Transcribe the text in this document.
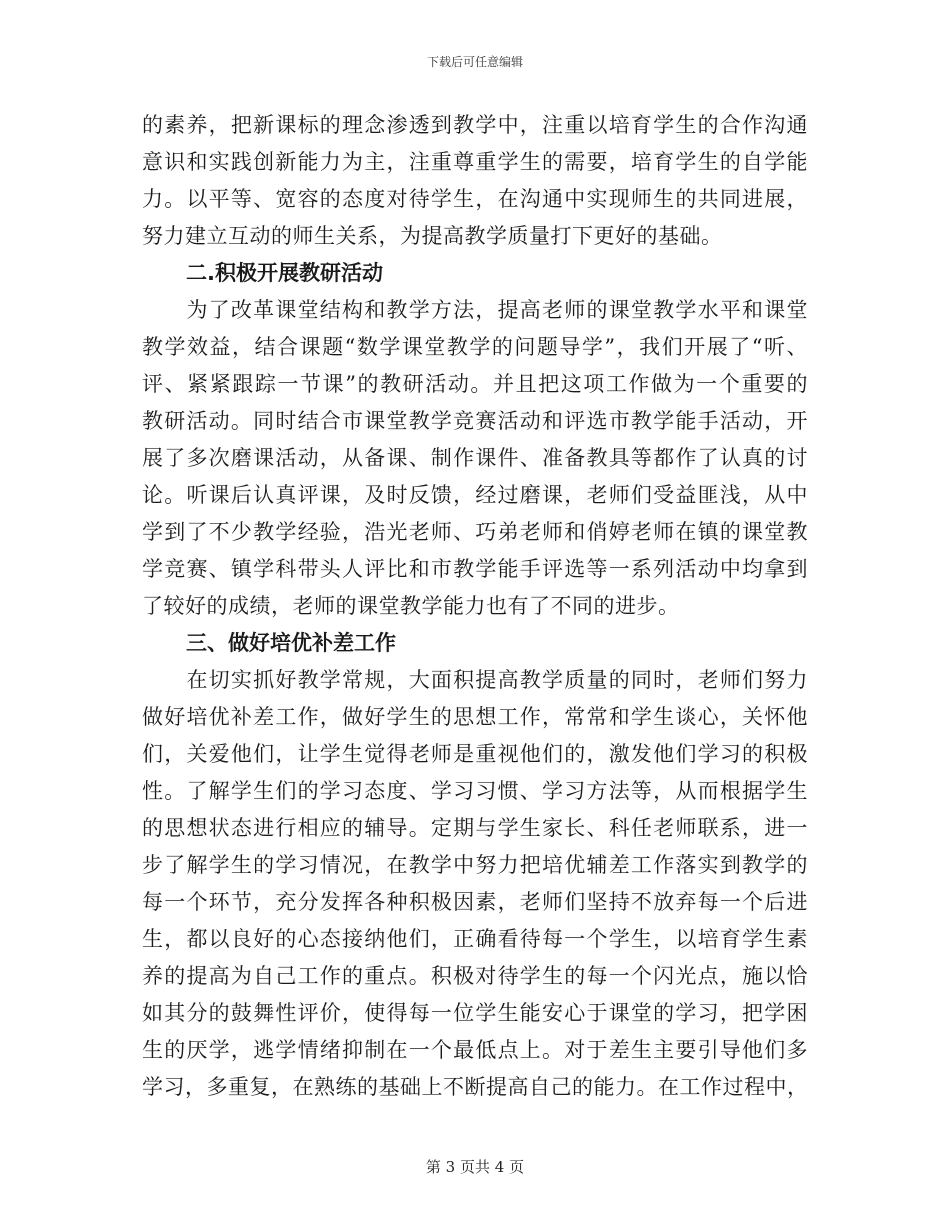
下载后可任意编辑
的素养，把新课标的理念渗透到教学中，注重以培育学生的合作沟通
意识和实践创新能力为主，注重尊重学生的需要，培育学生的自学能
力。以平等、宽容的态度对待学生，在沟通中实现师生的共同进展，
努力建立互动的师生关系，为提高教学质量打下更好的基础。
二.积极开展教研活动
　　为了改革课堂结构和教学方法，提高老师的课堂教学水平和课堂
教学效益，结合课题“数学课堂教学的问题导学”，我们开展了“听、
评、紧紧跟踪一节课”的教研活动。并且把这项工作做为一个重要的
教研活动。同时结合市课堂教学竞赛活动和评选市教学能手活动，开
展了多次磨课活动，从备课、制作课件、准备教具等都作了认真的讨
论。听课后认真评课，及时反馈，经过磨课，老师们受益匪浅，从中
学到了不少教学经验，浩光老师、巧弟老师和俏婷老师在镇的课堂教
学竞赛、镇学科带头人评比和市教学能手评选等一系列活动中均拿到
了较好的成绩，老师的课堂教学能力也有了不同的进步。
三、做好培优补差工作
　　在切实抓好教学常规，大面积提高教学质量的同时，老师们努力
做好培优补差工作，做好学生的思想工作，常常和学生谈心，关怀他
们，关爱他们，让学生觉得老师是重视他们的，激发他们学习的积极
性。了解学生们的学习态度、学习习惯、学习方法等，从而根据学生
的思想状态进行相应的辅导。定期与学生家长、科任老师联系，进一
步了解学生的学习情况，在教学中努力把培优辅差工作落实到教学的
每一个环节，充分发挥各种积极因素，老师们坚持不放弃每一个后进
生，都以良好的心态接纳他们，正确看待每一个学生，以培育学生素
养的提高为自己工作的重点。积极对待学生的每一个闪光点，施以恰
如其分的鼓舞性评价，使得每一位学生能安心于课堂的学习，把学困
生的厌学，逃学情绪抑制在一个最低点上。对于差生主要引导他们多
学习，多重复，在熟练的基础上不断提高自己的能力。在工作过程中，
第 3 页共 4 页
